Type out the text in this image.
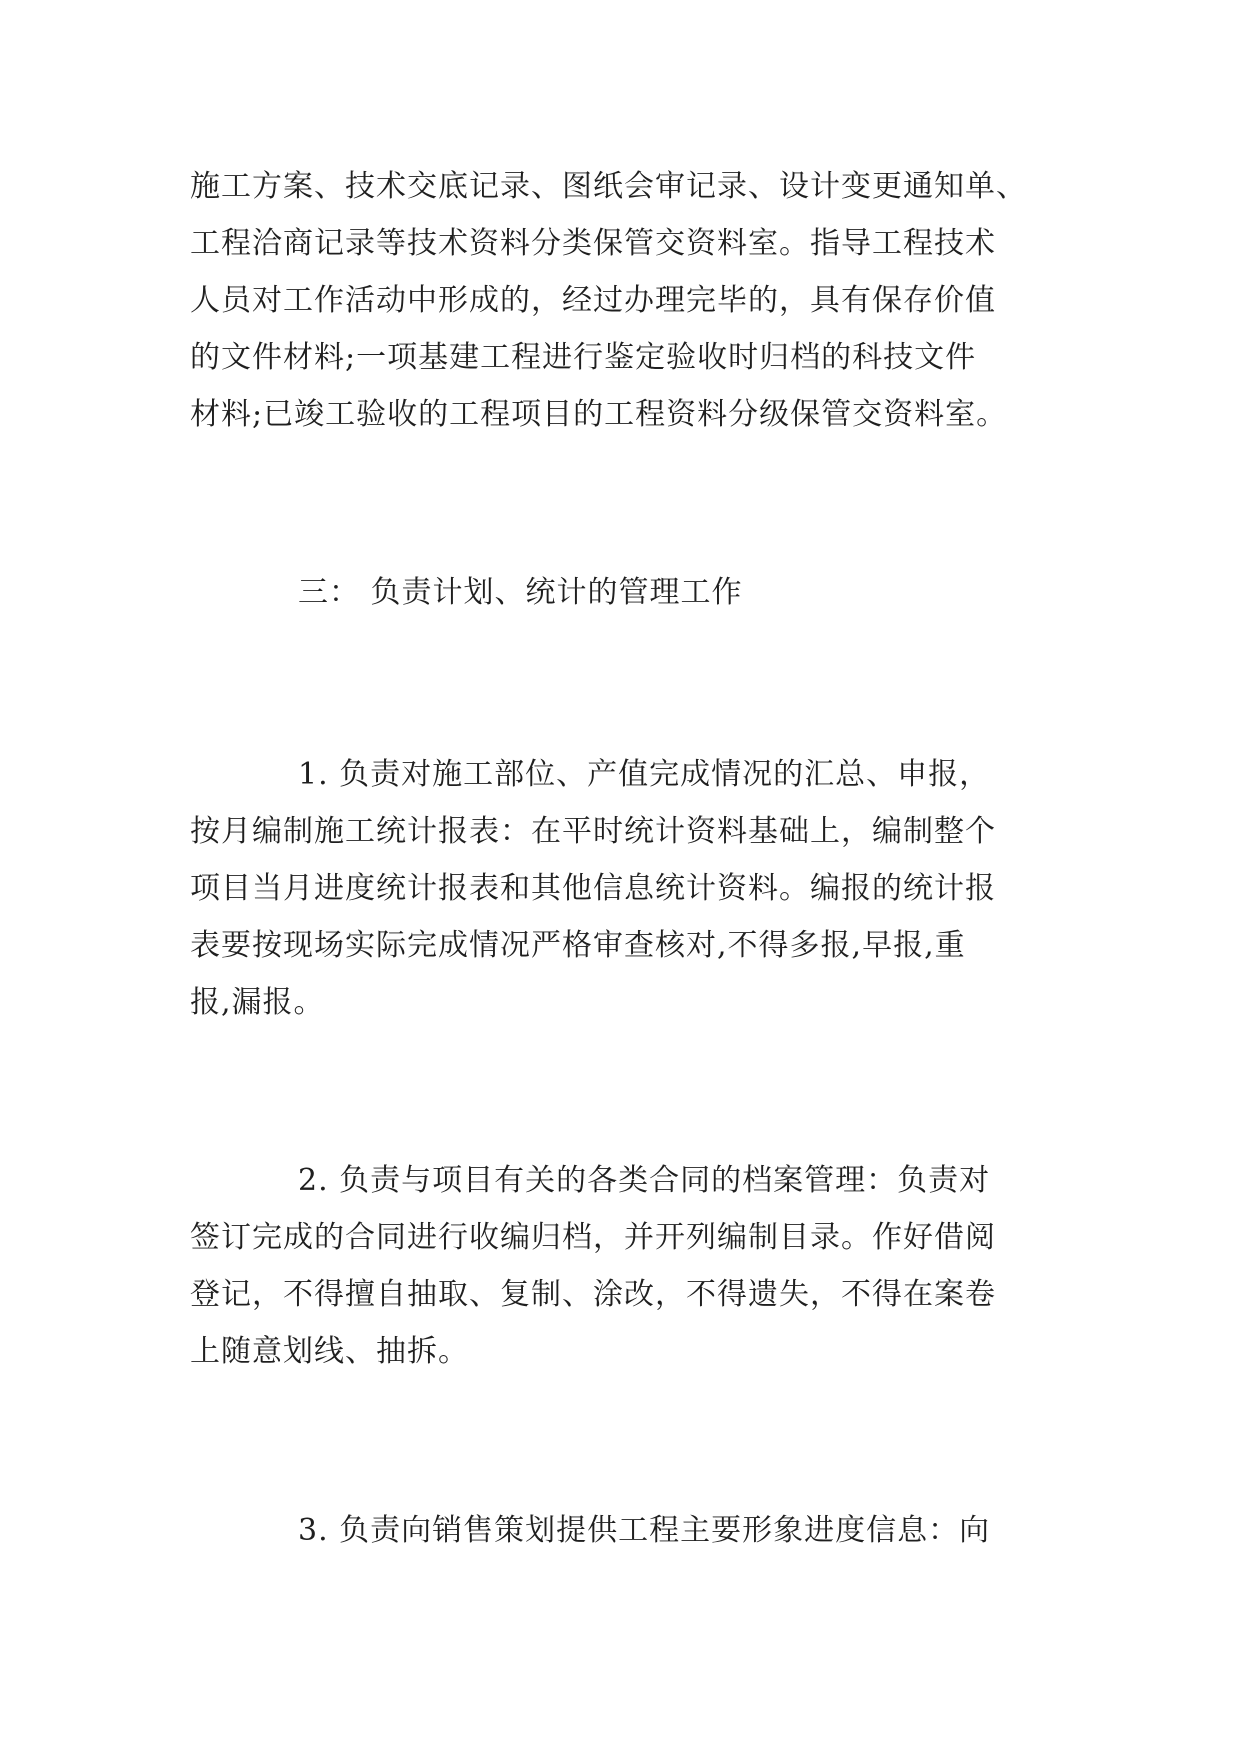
施工方案、技术交底记录、图纸会审记录、设计变更通知单、
工程洽商记录等技术资料分类保管交资料室。指导工程技术
人员对工作活动中形成的，经过办理完毕的，具有保存价值
的文件材料;一项基建工程进行鉴定验收时归档的科技文件
材料;已竣工验收的工程项目的工程资料分级保管交资料室。
三： 负责计划、统计的管理工作
1. 负责对施工部位、产值完成情况的汇总、申报，
按月编制施工统计报表：在平时统计资料基础上，编制整个
项目当月进度统计报表和其他信息统计资料。编报的统计报
表要按现场实际完成情况严格审查核对,不得多报,早报,重
报,漏报。
2. 负责与项目有关的各类合同的档案管理：负责对
签订完成的合同进行收编归档，并开列编制目录。作好借阅
登记，不得擅自抽取、复制、涂改，不得遗失，不得在案卷
上随意划线、抽拆。
3. 负责向销售策划提供工程主要形象进度信息：向
